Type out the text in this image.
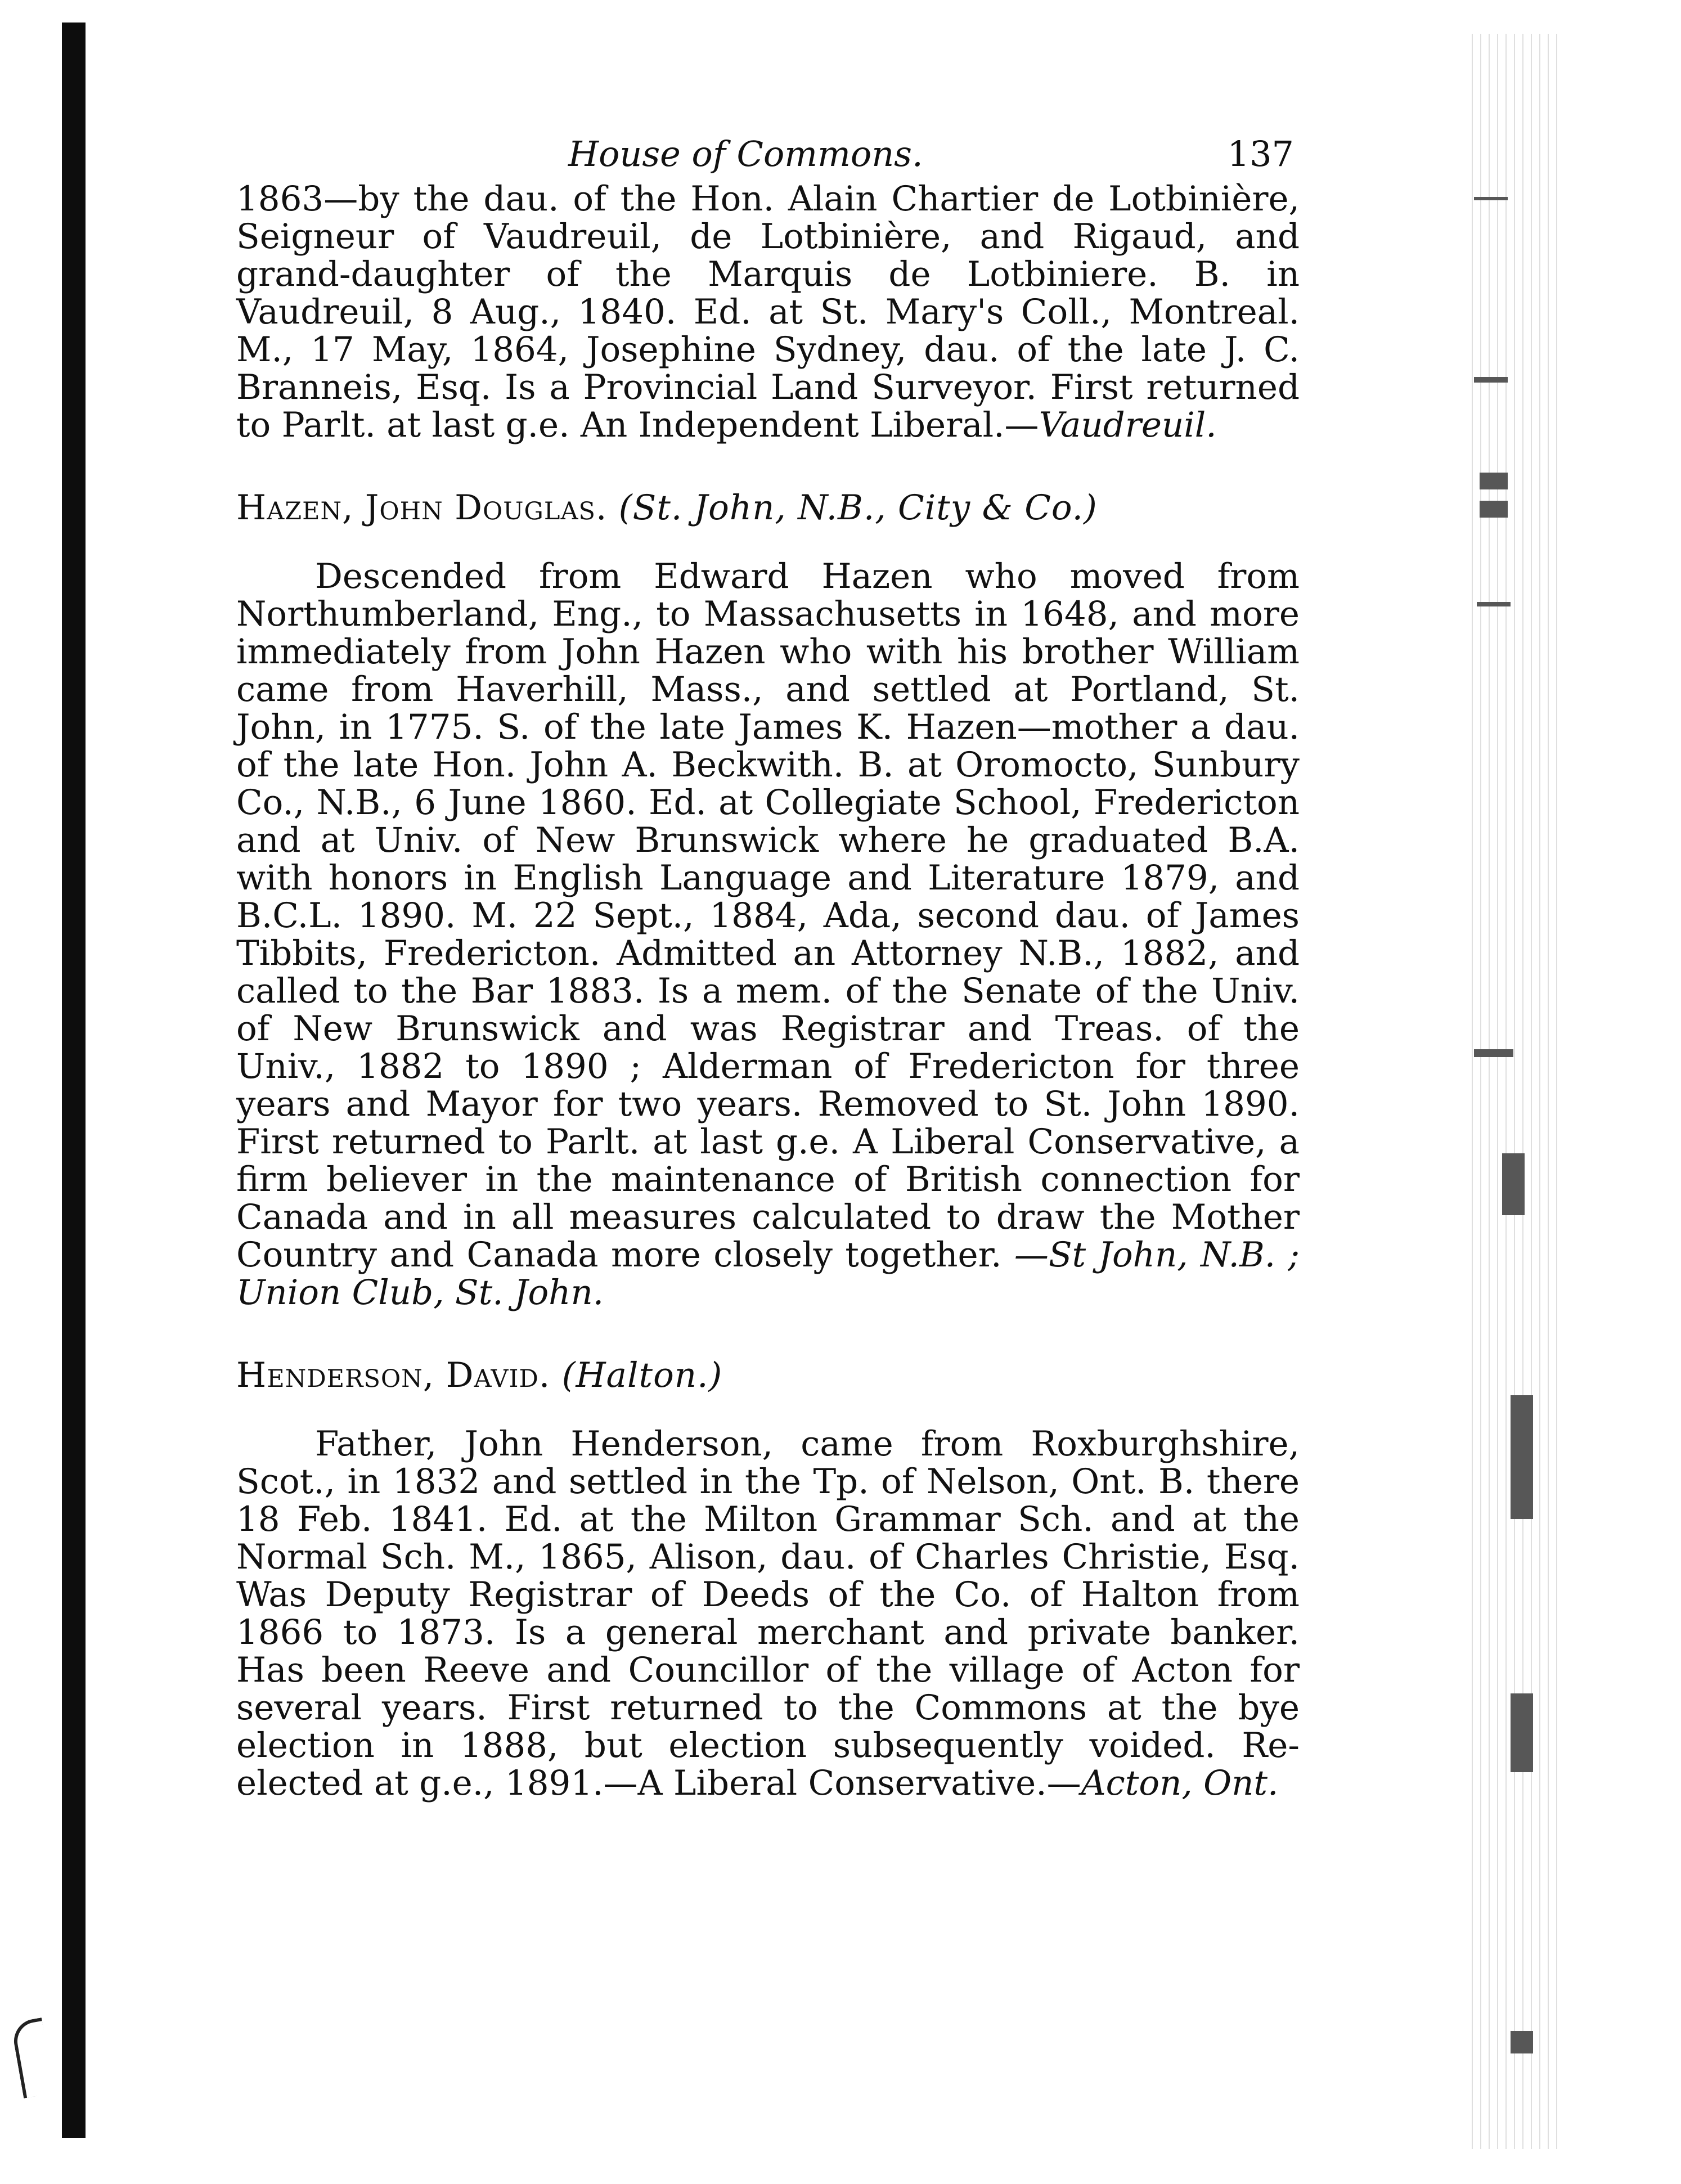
House of Commons.	137

1863—by the dau. of the Hon. Alain Chartier de Lotbinière, Seigneur of Vaudreuil, de Lotbinière, and Rigaud, and grand-daughter of the Marquis de Lotbiniere. B. in Vaudreuil, 8 Aug., 1840. Ed. at St. Mary's Coll., Montreal. M., 17 May, 1864, Josephine Sydney, dau. of the late J. C. Branneis, Esq. Is a Provincial Land Surveyor. First returned to Parlt. at last g.e. An Independent Liberal.—Vaudreuil.

Hazen, John Douglas. (St. John, N.B., City & Co.)

Descended from Edward Hazen who moved from Northumberland, Eng., to Massachusetts in 1648, and more immediately from John Hazen who with his brother William came from Haverhill, Mass., and settled at Portland, St. John, in 1775. S. of the late James K. Hazen—mother a dau. of the late Hon. John A. Beckwith. B. at Oromocto, Sunbury Co., N.B., 6 June 1860. Ed. at Collegiate School, Fredericton and at Univ. of New Brunswick where he graduated B.A. with honors in English Language and Literature 1879, and B.C.L. 1890. M. 22 Sept., 1884, Ada, second dau. of James Tibbits, Fredericton. Admitted an Attorney N.B., 1882, and called to the Bar 1883. Is a mem. of the Senate of the Univ. of New Brunswick and was Registrar and Treas. of the Univ., 1882 to 1890 ; Alderman of Fredericton for three years and Mayor for two years. Removed to St. John 1890. First returned to Parlt. at last g.e. A Liberal Conservative, a firm believer in the maintenance of British connection for Canada and in all measures calculated to draw the Mother Country and Canada more closely together. —St John, N.B. ; Union Club, St. John.

Henderson, David. (Halton.)

Father, John Henderson, came from Roxburghshire, Scot., in 1832 and settled in the Tp. of Nelson, Ont. B. there 18 Feb. 1841. Ed. at the Milton Grammar Sch. and at the Normal Sch. M., 1865, Alison, dau. of Charles Christie, Esq. Was Deputy Registrar of Deeds of the Co. of Halton from 1866 to 1873. Is a general merchant and private banker. Has been Reeve and Councillor of the village of Acton for several years. First returned to the Commons at the bye election in 1888, but election subsequently voided. Re-elected at g.e., 1891.—A Liberal Conservative.—Acton, Ont.
